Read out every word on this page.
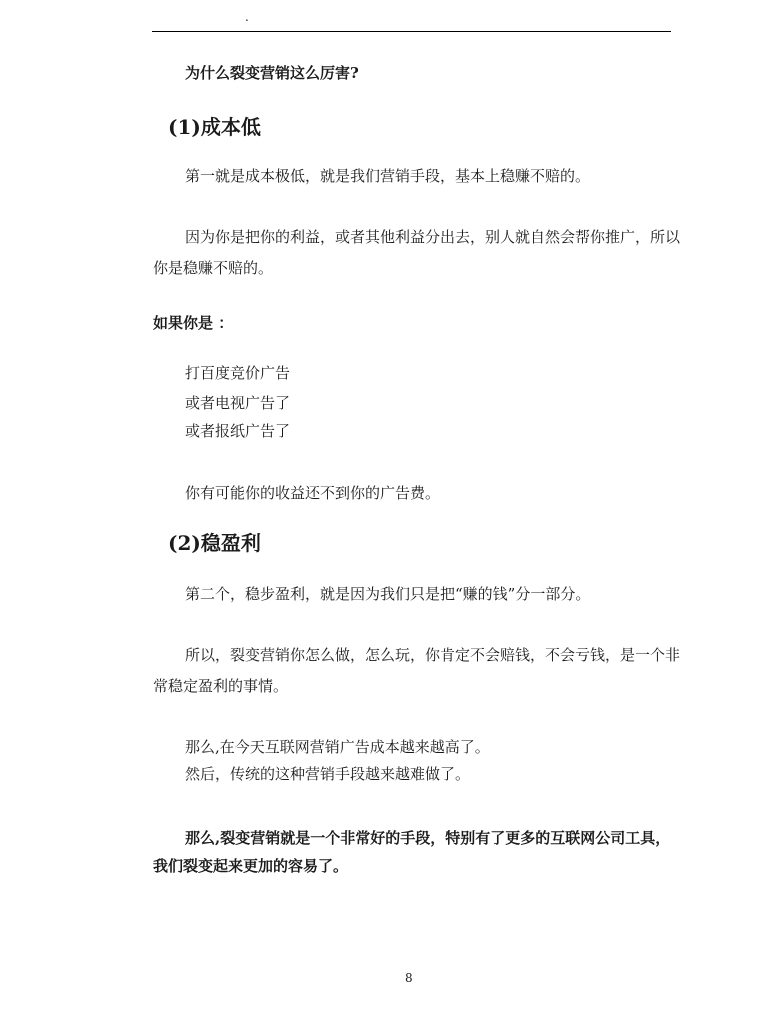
.
为什么裂变营销这么厉害?
(1)成本低
第一就是成本极低，就是我们营销手段，基本上稳赚不赔的。
因为你是把你的利益，或者其他利益分出去，别人就自然会帮你推广，所以
你是稳赚不赔的。
如果你是 ：
打百度竞价广告
或者电视广告了
或者报纸广告了
你有可能你的收益还不到你的广告费。
(2)稳盈利
第二个，稳步盈利，就是因为我们只是把“赚的钱”分一部分。
所以，裂变营销你怎么做，怎么玩，你肯定不会赔钱，不会亏钱，是一个非
常稳定盈利的事情。
那么,在今天互联网营销广告成本越来越高了。
然后，传统的这种营销手段越来越难做了。
那么,裂变营销就是一个非常好的手段，特别有了更多的互联网公司工具，
我们裂变起来更加的容易了。
8
